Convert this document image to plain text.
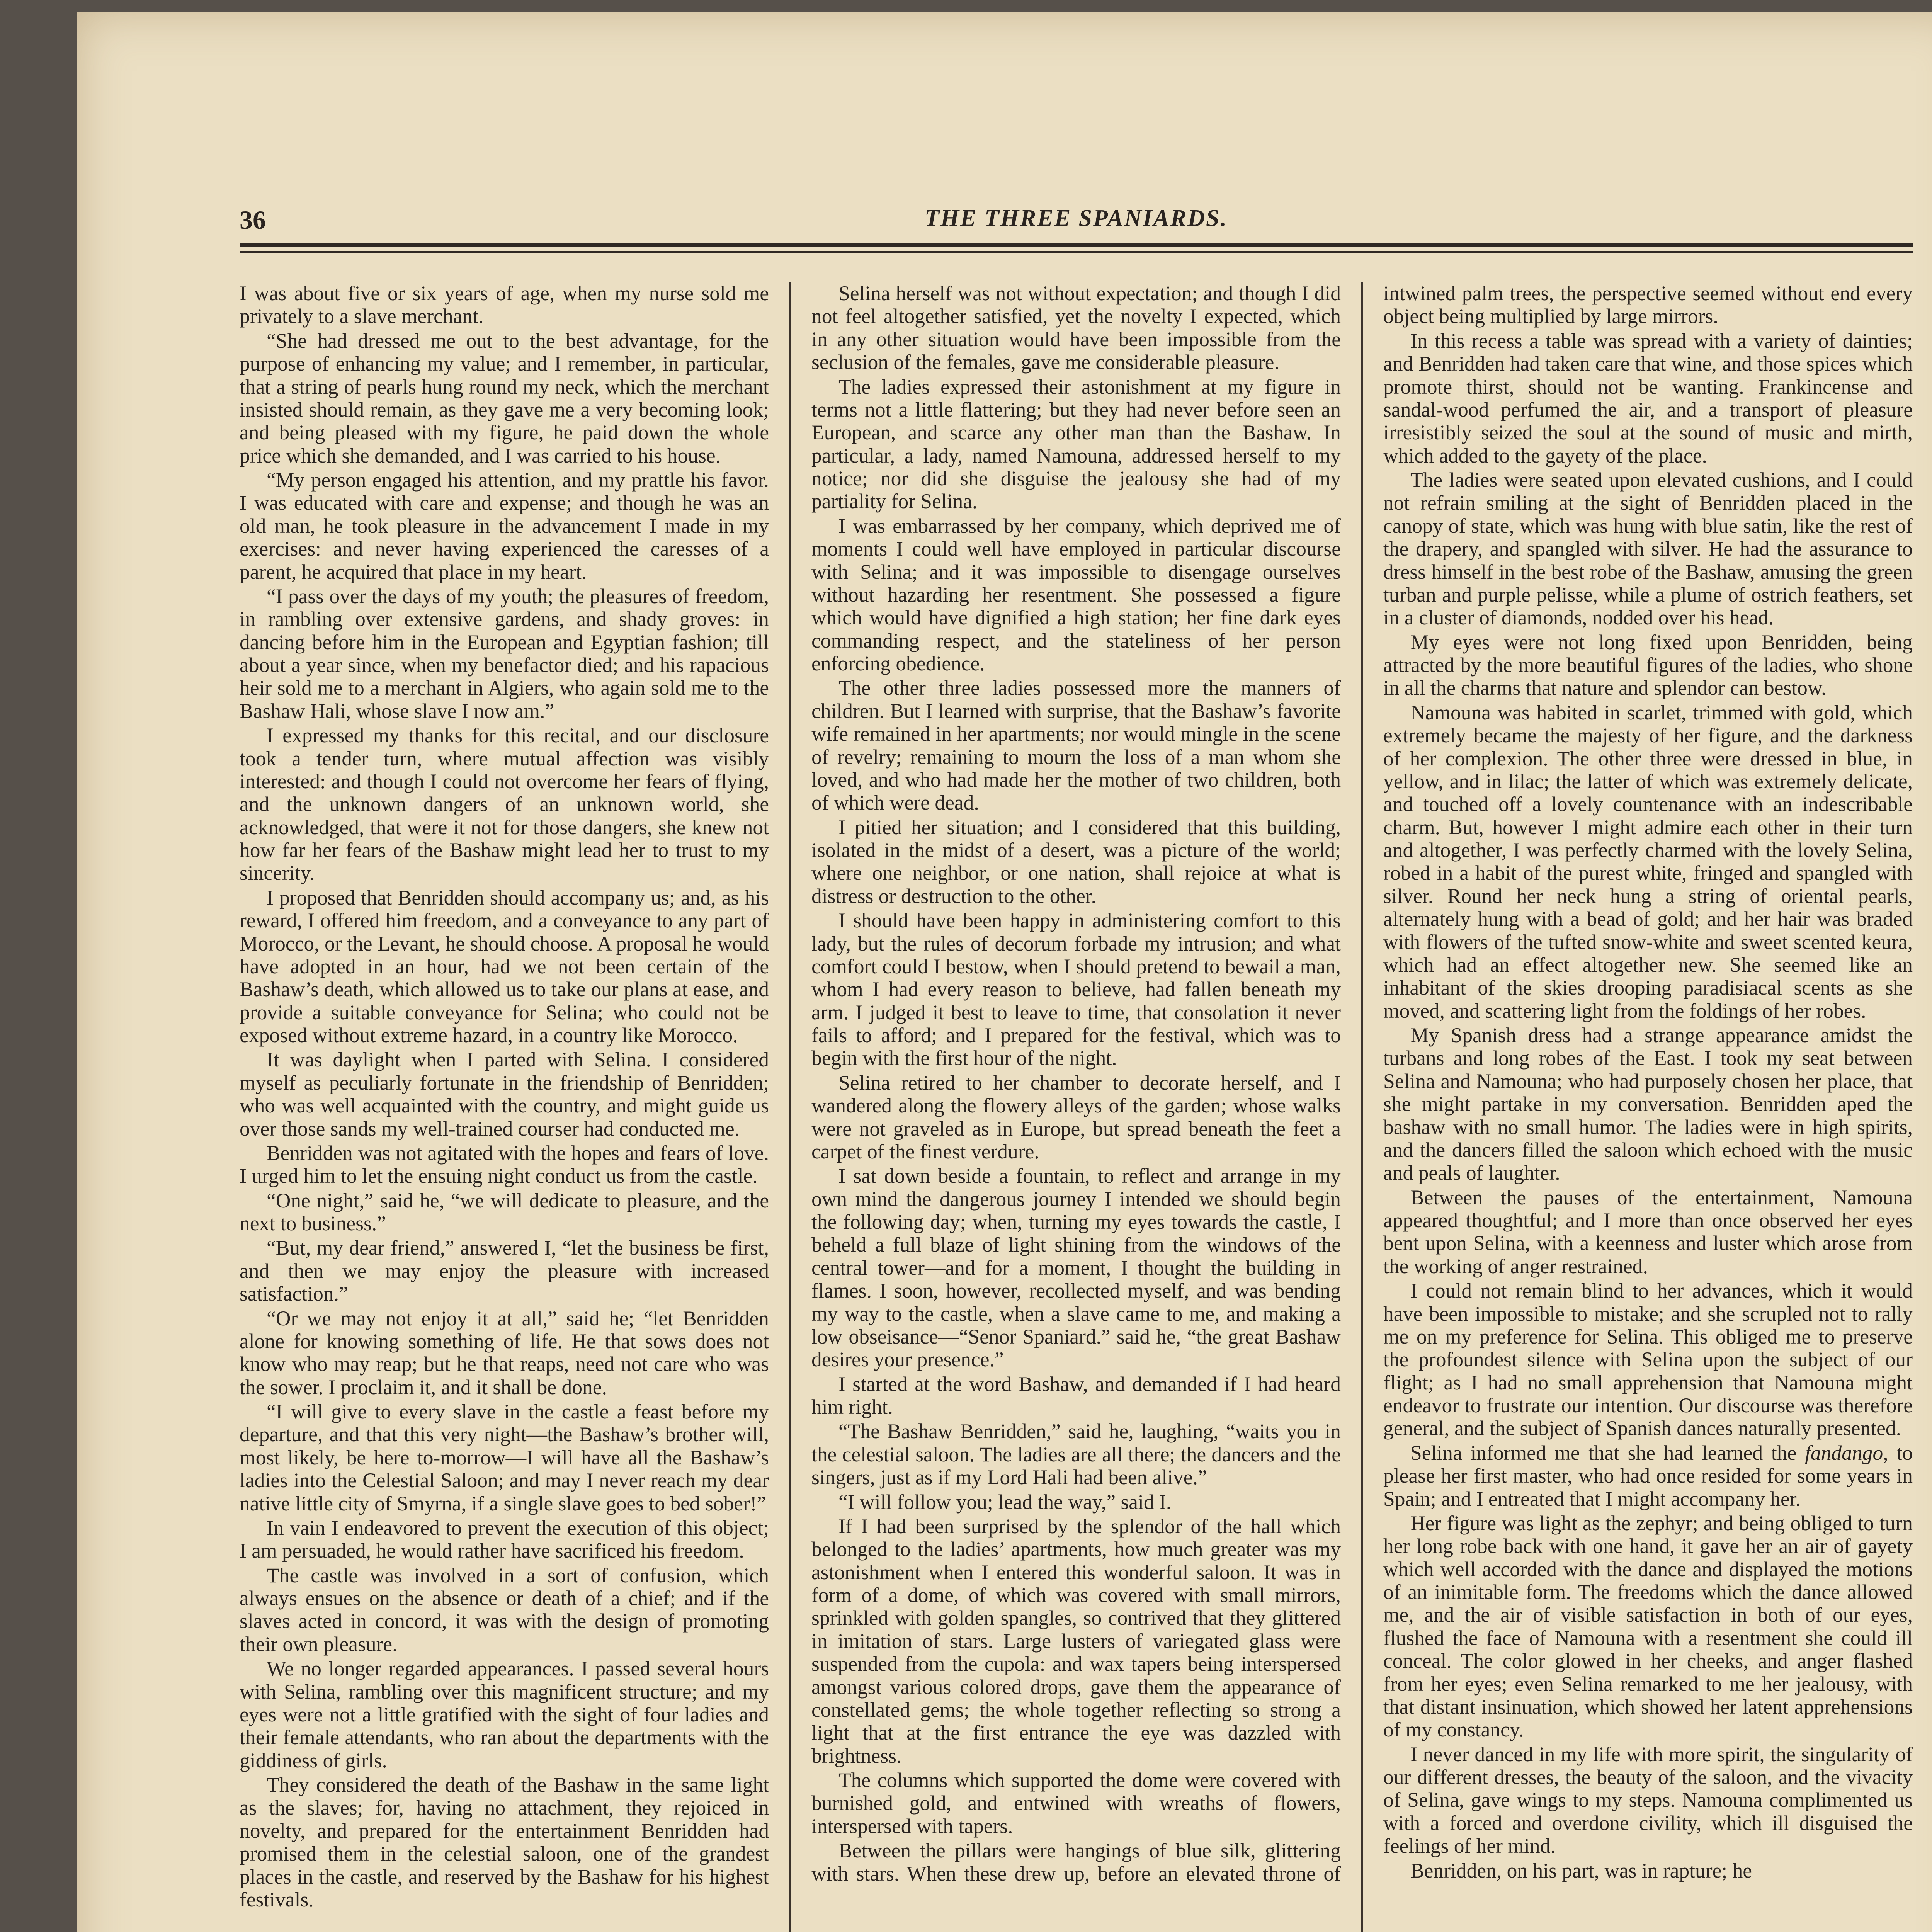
36	THE THREE SPANIARDS.

I was about five or six years of age, when my nurse sold me privately to a slave merchant.

“She had dressed me out to the best advantage, for the purpose of enhancing my value; and I remember, in particular, that a string of pearls hung round my neck, which the merchant insisted should remain, as they gave me a very becoming look; and being pleased with my figure, he paid down the whole price which she demanded, and I was carried to his house.

“My person engaged his attention, and my prattle his favor. I was educated with care and expense; and though he was an old man, he took pleasure in the advancement I made in my exercises: and never having experienced the caresses of a parent, he acquired that place in my heart.

“I pass over the days of my youth; the pleasures of freedom, in rambling over extensive gardens, and shady groves: in dancing before him in the European and Egyptian fashion; till about a year since, when my benefactor died; and his rapacious heir sold me to a merchant in Algiers, who again sold me to the Bashaw Hali, whose slave I now am.”

I expressed my thanks for this recital, and our disclosure took a tender turn, where mutual affection was visibly interested: and though I could not overcome her fears of flying, and the unknown dangers of an unknown world, she acknowledged, that were it not for those dangers, she knew not how far her fears of the Bashaw might lead her to trust to my sincerity.

I proposed that Benridden should accompany us; and, as his reward, I offered him freedom, and a conveyance to any part of Morocco, or the Levant, he should choose. A proposal he would have adopted in an hour, had we not been certain of the Bashaw’s death, which allowed us to take our plans at ease, and provide a suitable conveyance for Selina; who could not be exposed without extreme hazard, in a country like Morocco.

It was daylight when I parted with Selina. I considered myself as peculiarly fortunate in the friendship of Benridden; who was well acquainted with the country, and might guide us over those sands my well-trained courser had conducted me.

Benridden was not agitated with the hopes and fears of love. I urged him to let the ensuing night conduct us from the castle.

“One night,” said he, “we will dedicate to pleasure, and the next to business.”

“But, my dear friend,” answered I, “let the business be first, and then we may enjoy the pleasure with increased satisfaction.”

“Or we may not enjoy it at all,” said he; “let Benridden alone for knowing something of life. He that sows does not know who may reap; but he that reaps, need not care who was the sower. I proclaim it, and it shall be done.

“I will give to every slave in the castle a feast before my departure, and that this very night—the Bashaw’s brother will, most likely, be here to-morrow—I will have all the Bashaw’s ladies into the Celestial Saloon; and may I never reach my dear native little city of Smyrna, if a single slave goes to bed sober!”

In vain I endeavored to prevent the execution of this object; I am persuaded, he would rather have sacrificed his freedom.

The castle was involved in a sort of confusion, which always ensues on the absence or death of a chief; and if the slaves acted in concord, it was with the design of promoting their own pleasure.

We no longer regarded appearances. I passed several hours with Selina, rambling over this magnificent structure; and my eyes were not a little gratified with the sight of four ladies and their female attendants, who ran about the departments with the giddiness of girls.

They considered the death of the Bashaw in the same light as the slaves; for, having no attachment, they rejoiced in novelty, and prepared for the entertainment Benridden had promised them in the celestial saloon, one of the grandest places in the castle, and reserved by the Bashaw for his highest festivals.

Selina herself was not without expectation; and though I did not feel altogether satisfied, yet the novelty I expected, which in any other situation would have been impossible from the seclusion of the females, gave me considerable pleasure.

The ladies expressed their astonishment at my figure in terms not a little flattering; but they had never before seen an European, and scarce any other man than the Bashaw. In particular, a lady, named Namouna, addressed herself to my notice; nor did she disguise the jealousy she had of my partiality for Selina.

I was embarrassed by her company, which deprived me of moments I could well have employed in particular discourse with Selina; and it was impossible to disengage ourselves without hazarding her resentment. She possessed a figure which would have dignified a high station; her fine dark eyes commanding respect, and the stateliness of her person enforcing obedience.

The other three ladies possessed more the manners of children. But I learned with surprise, that the Bashaw’s favorite wife remained in her apartments; nor would mingle in the scene of revelry; remaining to mourn the loss of a man whom she loved, and who had made her the mother of two children, both of which were dead.

I pitied her situation; and I considered that this building, isolated in the midst of a desert, was a picture of the world; where one neighbor, or one nation, shall rejoice at what is distress or destruction to the other.

I should have been happy in administering comfort to this lady, but the rules of decorum forbade my intrusion; and what comfort could I bestow, when I should pretend to bewail a man, whom I had every reason to believe, had fallen beneath my arm. I judged it best to leave to time, that consolation it never fails to afford; and I prepared for the festival, which was to begin with the first hour of the night.

Selina retired to her chamber to decorate herself, and I wandered along the flowery alleys of the garden; whose walks were not graveled as in Europe, but spread beneath the feet a carpet of the finest verdure.

I sat down beside a fountain, to reflect and arrange in my own mind the dangerous journey I intended we should begin the following day; when, turning my eyes towards the castle, I beheld a full blaze of light shining from the windows of the central tower—and for a moment, I thought the building in flames. I soon, however, recollected myself, and was bending my way to the castle, when a slave came to me, and making a low obseisance—“Senor Spaniard.” said he, “the great Bashaw desires your presence.”

I started at the word Bashaw, and demanded if I had heard him right.

“The Bashaw Benridden,” said he, laughing, “waits you in the celestial saloon. The ladies are all there; the dancers and the singers, just as if my Lord Hali had been alive.”

“I will follow you; lead the way,” said I.

If I had been surprised by the splendor of the hall which belonged to the ladies’ apartments, how much greater was my astonishment when I entered this wonderful saloon. It was in form of a dome, of which was covered with small mirrors, sprinkled with golden spangles, so contrived that they glittered in imitation of stars. Large lusters of variegated glass were suspended from the cupola: and wax tapers being interspersed amongst various colored drops, gave them the appearance of constellated gems; the whole together reflecting so strong a light that at the first entrance the eye was dazzled with brightness.

The columns which supported the dome were covered with burnished gold, and entwined with wreaths of flowers, interspersed with tapers.

Between the pillars were hangings of blue silk, glittering with stars. When these drew up, before an elevated throne of intwined palm trees, the perspective seemed without end every object being multiplied by large mirrors.

In this recess a table was spread with a variety of dainties; and Benridden had taken care that wine, and those spices which promote thirst, should not be wanting. Frankincense and sandal-wood perfumed the air, and a transport of pleasure irresistibly seized the soul at the sound of music and mirth, which added to the gayety of the place.

The ladies were seated upon elevated cushions, and I could not refrain smiling at the sight of Benridden placed in the canopy of state, which was hung with blue satin, like the rest of the drapery, and spangled with silver. He had the assurance to dress himself in the best robe of the Bashaw, amusing the green turban and purple pelisse, while a plume of ostrich feathers, set in a cluster of diamonds, nodded over his head.

My eyes were not long fixed upon Benridden, being attracted by the more beautiful figures of the ladies, who shone in all the charms that nature and splendor can bestow.

Namouna was habited in scarlet, trimmed with gold, which extremely became the majesty of her figure, and the darkness of her complexion. The other three were dressed in blue, in yellow, and in lilac; the latter of which was extremely delicate, and touched off a lovely countenance with an indescribable charm. But, however I might admire each other in their turn and altogether, I was perfectly charmed with the lovely Selina, robed in a habit of the purest white, fringed and spangled with silver. Round her neck hung a string of oriental pearls, alternately hung with a bead of gold; and her hair was braded with flowers of the tufted snow-white and sweet scented keura, which had an effect altogether new. She seemed like an inhabitant of the skies drooping paradisiacal scents as she moved, and scattering light from the foldings of her robes.

My Spanish dress had a strange appearance amidst the turbans and long robes of the East. I took my seat between Selina and Namouna; who had purposely chosen her place, that she might partake in my conversation. Benridden aped the bashaw with no small humor. The ladies were in high spirits, and the dancers filled the saloon which echoed with the music and peals of laughter.

Between the pauses of the entertainment, Namouna appeared thoughtful; and I more than once observed her eyes bent upon Selina, with a keenness and luster which arose from the working of anger restrained.

I could not remain blind to her advances, which it would have been impossible to mistake; and she scrupled not to rally me on my preference for Selina. This obliged me to preserve the profoundest silence with Selina upon the subject of our flight; as I had no small apprehension that Namouna might endeavor to frustrate our intention. Our discourse was therefore general, and the subject of Spanish dances naturally presented.

Selina informed me that she had learned the fandango, to please her first master, who had once resided for some years in Spain; and I entreated that I might accompany her.

Her figure was light as the zephyr; and being obliged to turn her long robe back with one hand, it gave her an air of gayety which well accorded with the dance and displayed the motions of an inimitable form. The freedoms which the dance allowed me, and the air of visible satisfaction in both of our eyes, flushed the face of Namouna with a resentment she could ill conceal. The color glowed in her cheeks, and anger flashed from her eyes; even Selina remarked to me her jealousy, with that distant insinuation, which showed her latent apprehensions of my constancy.

I never danced in my life with more spirit, the singularity of our different dresses, the beauty of the saloon, and the vivacity of Selina, gave wings to my steps. Namouna complimented us with a forced and overdone civility, which ill disguised the feelings of her mind.

Benridden, on his part, was in rapture; he
